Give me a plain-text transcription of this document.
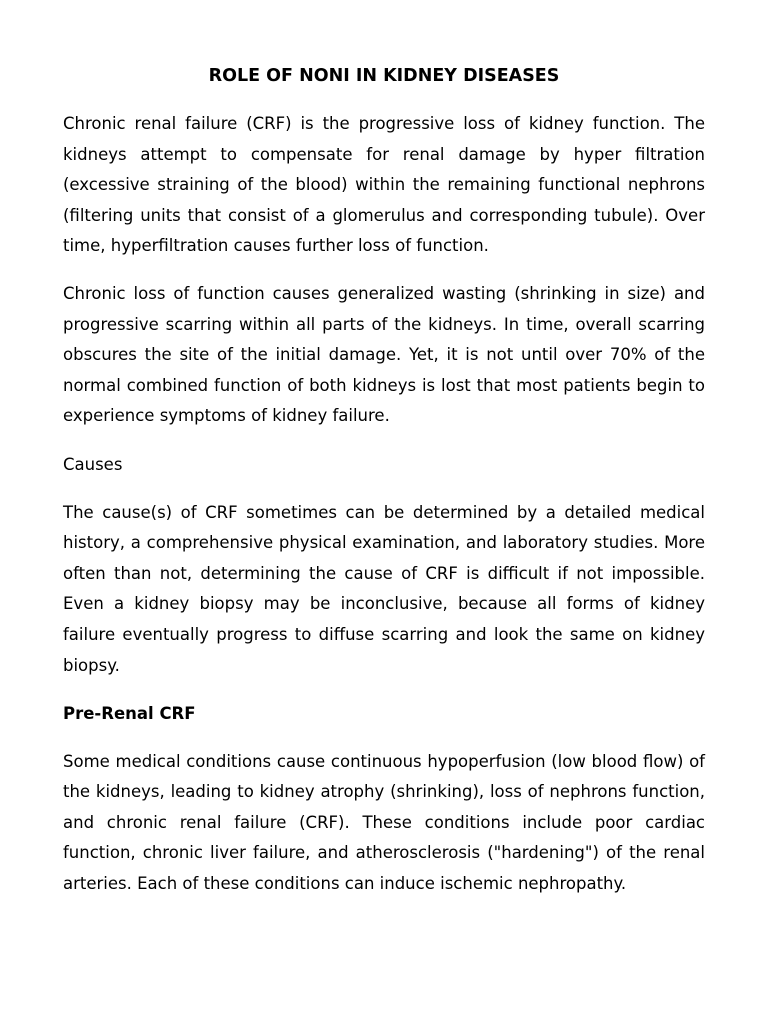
ROLE OF NONI IN KIDNEY DISEASES

Chronic renal failure (CRF) is the progressive loss of kidney function. The kidneys attempt to compensate for renal damage by hyper filtration (excessive straining of the blood) within the remaining functional nephrons (filtering units that consist of a glomerulus and corresponding tubule). Over time, hyperfiltration causes further loss of function.

Chronic loss of function causes generalized wasting (shrinking in size) and progressive scarring within all parts of the kidneys. In time, overall scarring obscures the site of the initial damage. Yet, it is not until over 70% of the normal combined function of both kidneys is lost that most patients begin to experience symptoms of kidney failure.

Causes

The cause(s) of CRF sometimes can be determined by a detailed medical history, a comprehensive physical examination, and laboratory studies. More often than not, determining the cause of CRF is difficult if not impossible. Even a kidney biopsy may be inconclusive, because all forms of kidney failure eventually progress to diffuse scarring and look the same on kidney biopsy.

Pre-Renal CRF

Some medical conditions cause continuous hypoperfusion (low blood flow) of the kidneys, leading to kidney atrophy (shrinking), loss of nephrons function, and chronic renal failure (CRF). These conditions include poor cardiac function, chronic liver failure, and atherosclerosis ("hardening") of the renal arteries. Each of these conditions can induce ischemic nephropathy.
